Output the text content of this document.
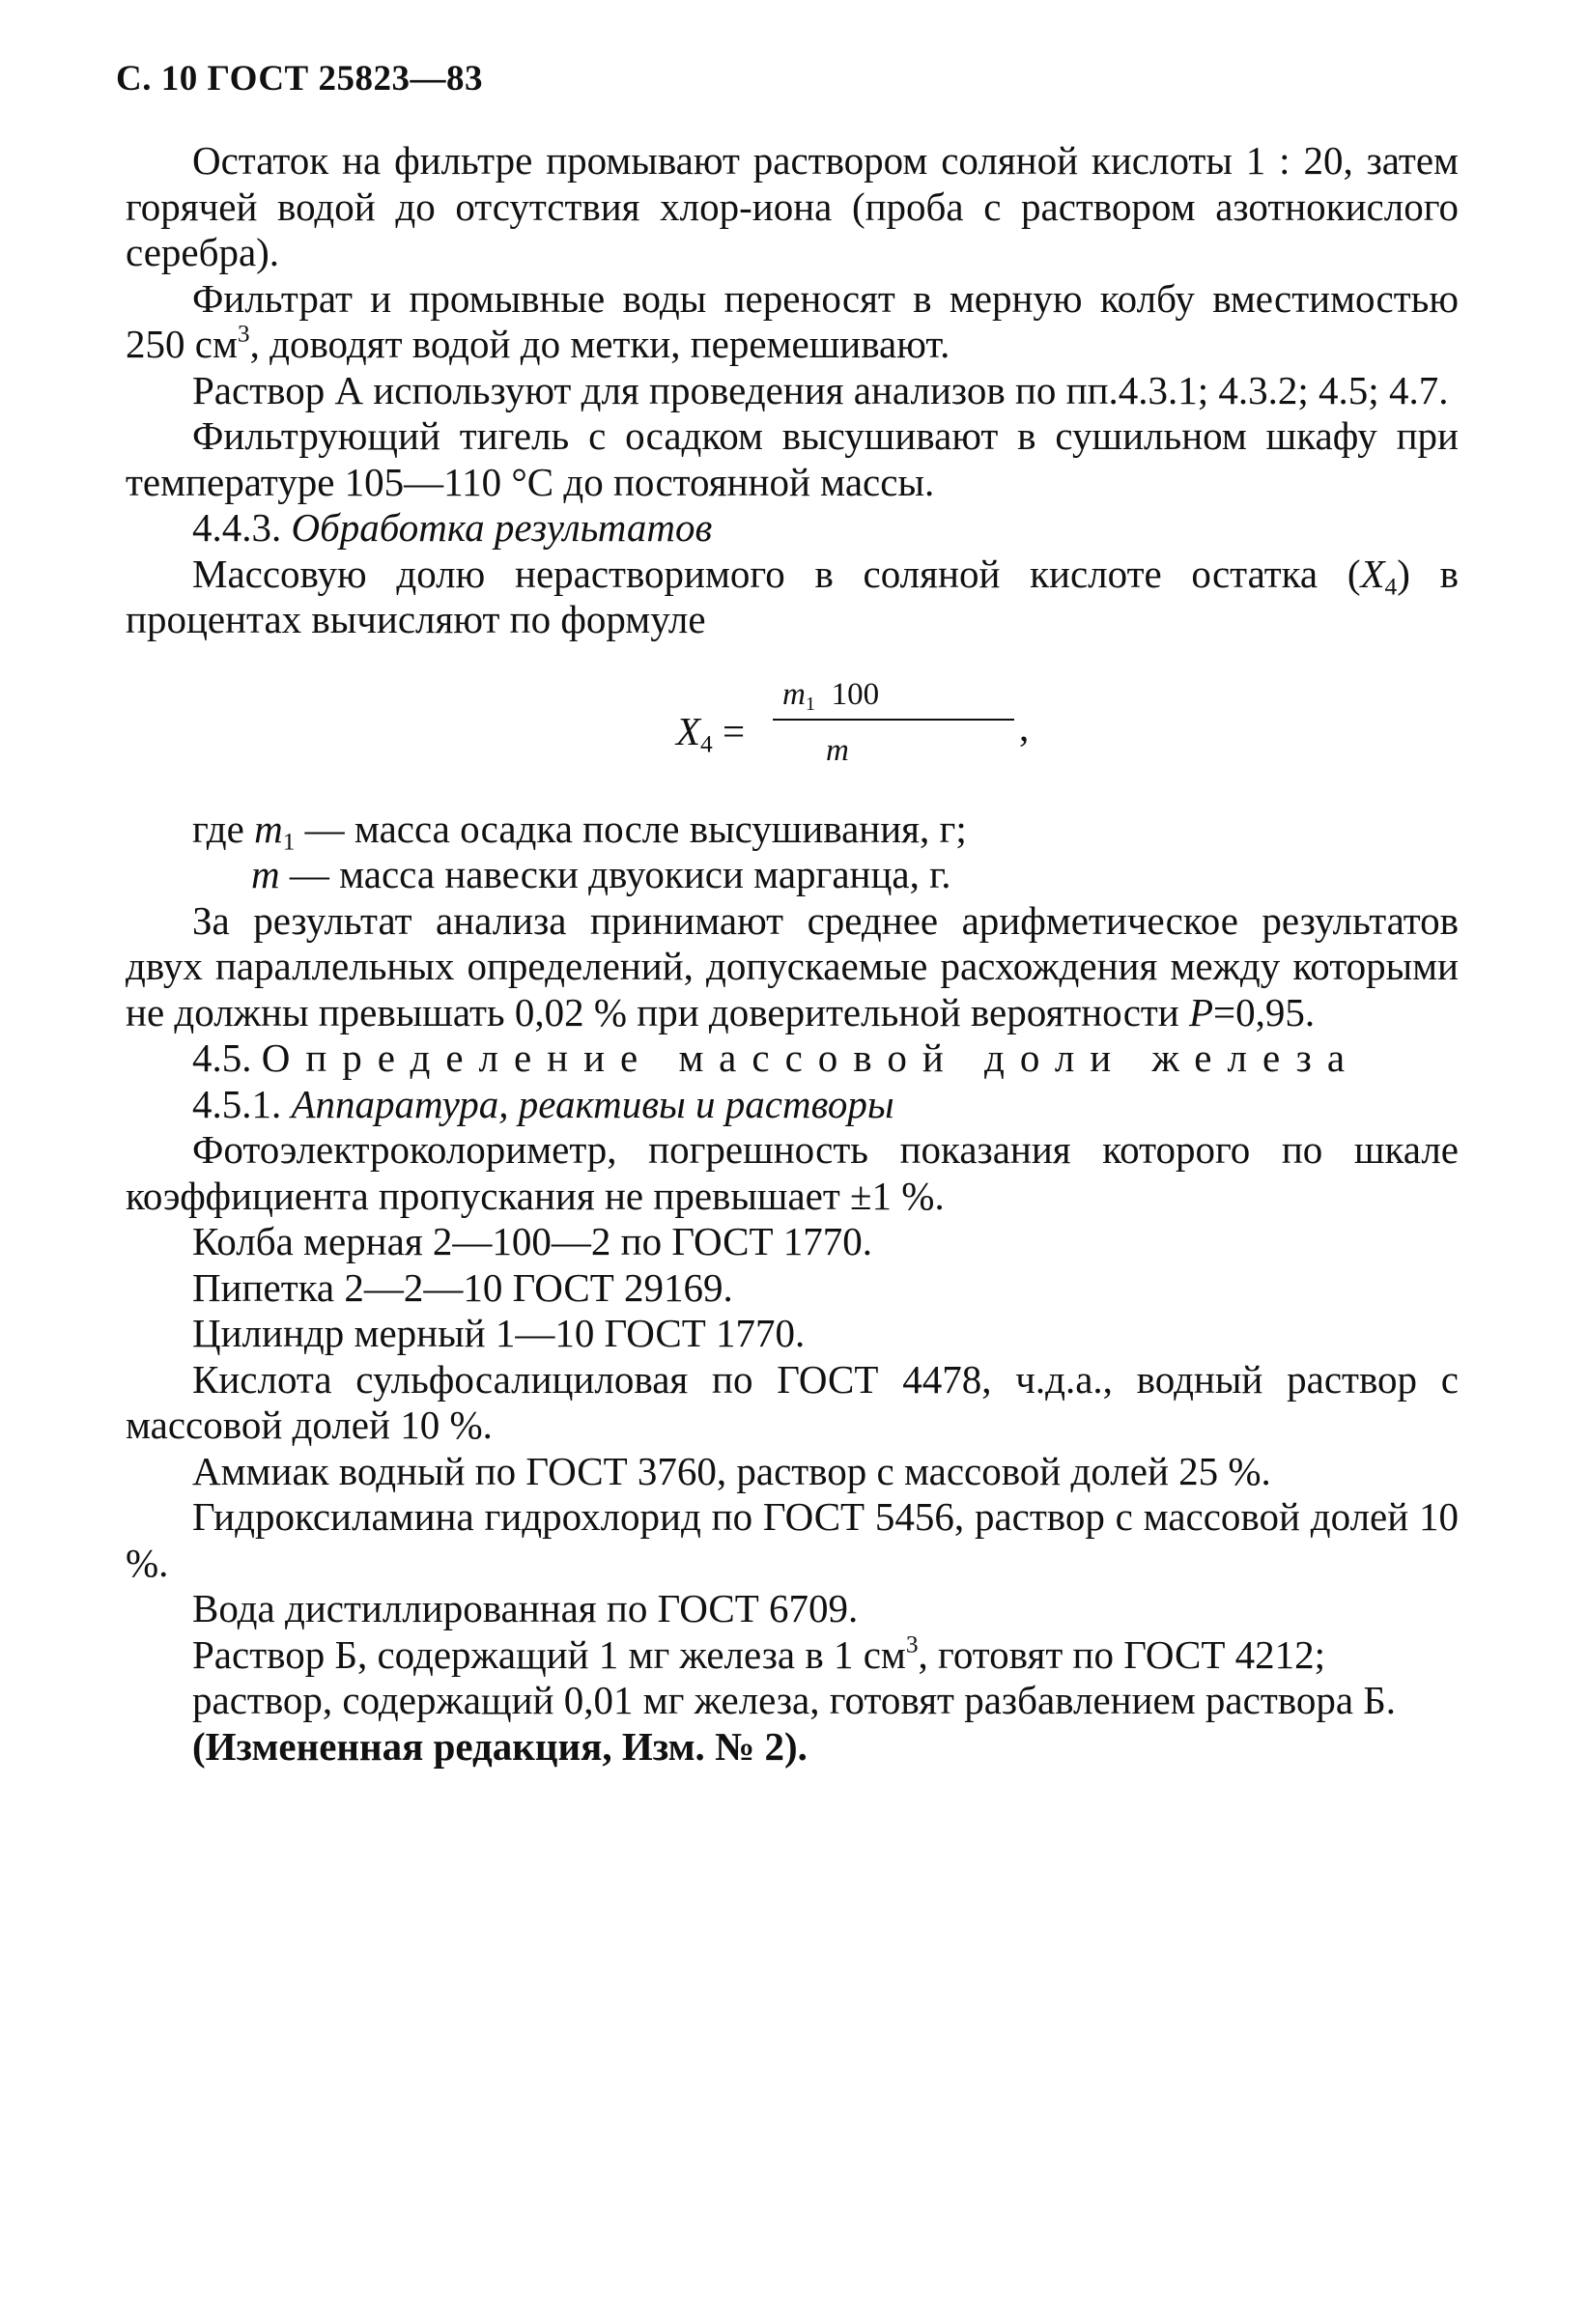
С. 10 ГОСТ 25823—83

Остаток на фильтре промывают раствором соляной кислоты 1 : 20, затем горячей водой до отсутствия хлор-иона (проба с раствором азотнокислого серебра).

Фильтрат и промывные воды переносят в мерную колбу вместимостью 250 $см^3$, доводят водой до метки, перемешивают.

Раствор А используют для проведения анализов по пп.4.3.1; 4.3.2; 4.5; 4.7.

Фильтрующий тигель с осадком высушивают в сушильном шкафу при температуре 105—110 °С до постоянной массы.

4.4.3. Обработка результатов

Массовую долю нерастворимого в соляной кислоте остатка $(X_4)$ в процентах вычисляют по формуле

$X_4$ =
$m_1$ 100
m
,

где $m_1$ — масса осадка после высушивания, г;

m — масса навески двуокиси марганца, г.

За результат анализа принимают среднее арифметическое результатов двух параллельных определений, допускаемые расхождения между которыми не должны превышать 0,02 % при доверительной вероятности P=0,95.

4.5. Определение массовой доли железа

4.5.1. Аппаратура, реактивы и растворы

Фотоэлектроколориметр, погрешность показания которого по шкале коэффициента пропускания не превышает ±1 %.

Колба мерная 2—100—2 по ГОСТ 1770.

Пипетка 2—2—10 ГОСТ 29169.

Цилиндр мерный 1—10 ГОСТ 1770.

Кислота сульфосалициловая по ГОСТ 4478, ч.д.а., водный раствор с массовой долей 10 %.

Аммиак водный по ГОСТ 3760, раствор с массовой долей 25 %.

Гидроксиламина гидрохлорид по ГОСТ 5456, раствор с массовой долей 10 %.

Вода дистиллированная по ГОСТ 6709.

Раствор Б, содержащий 1 мг железа в 1 $см^3$, готовят по ГОСТ 4212;

раствор, содержащий 0,01 мг железа, готовят разбавлением раствора Б.

(Измененная редакция, Изм. № 2).
